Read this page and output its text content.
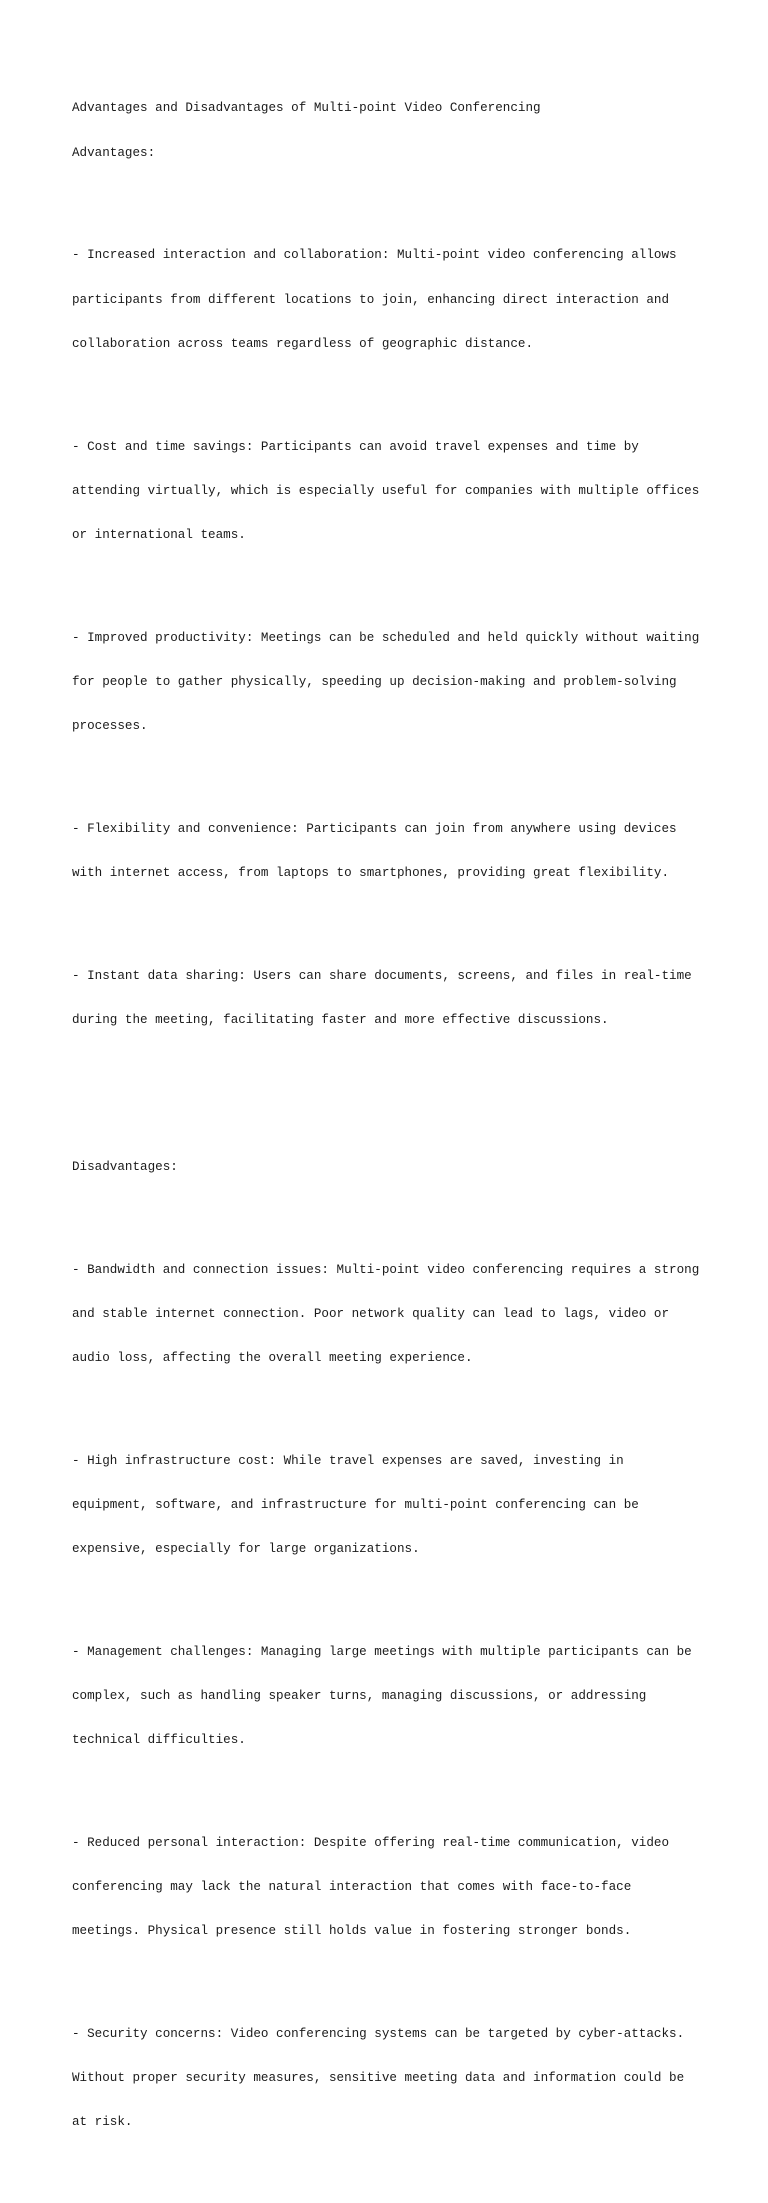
Advantages and Disadvantages of Multi-point Video Conferencing

Advantages:

- Increased interaction and collaboration: Multi-point video conferencing allows

participants from different locations to join, enhancing direct interaction and

collaboration across teams regardless of geographic distance.

- Cost and time savings: Participants can avoid travel expenses and time by

attending virtually, which is especially useful for companies with multiple offices

or international teams.

- Improved productivity: Meetings can be scheduled and held quickly without waiting

for people to gather physically, speeding up decision-making and problem-solving

processes.

- Flexibility and convenience: Participants can join from anywhere using devices

with internet access, from laptops to smartphones, providing great flexibility.

- Instant data sharing: Users can share documents, screens, and files in real-time

during the meeting, facilitating faster and more effective discussions.

Disadvantages:

- Bandwidth and connection issues: Multi-point video conferencing requires a strong

and stable internet connection. Poor network quality can lead to lags, video or

audio loss, affecting the overall meeting experience.

- High infrastructure cost: While travel expenses are saved, investing in

equipment, software, and infrastructure for multi-point conferencing can be

expensive, especially for large organizations.

- Management challenges: Managing large meetings with multiple participants can be

complex, such as handling speaker turns, managing discussions, or addressing

technical difficulties.

- Reduced personal interaction: Despite offering real-time communication, video

conferencing may lack the natural interaction that comes with face-to-face

meetings. Physical presence still holds value in fostering stronger bonds.

- Security concerns: Video conferencing systems can be targeted by cyber-attacks.

Without proper security measures, sensitive meeting data and information could be

at risk.
